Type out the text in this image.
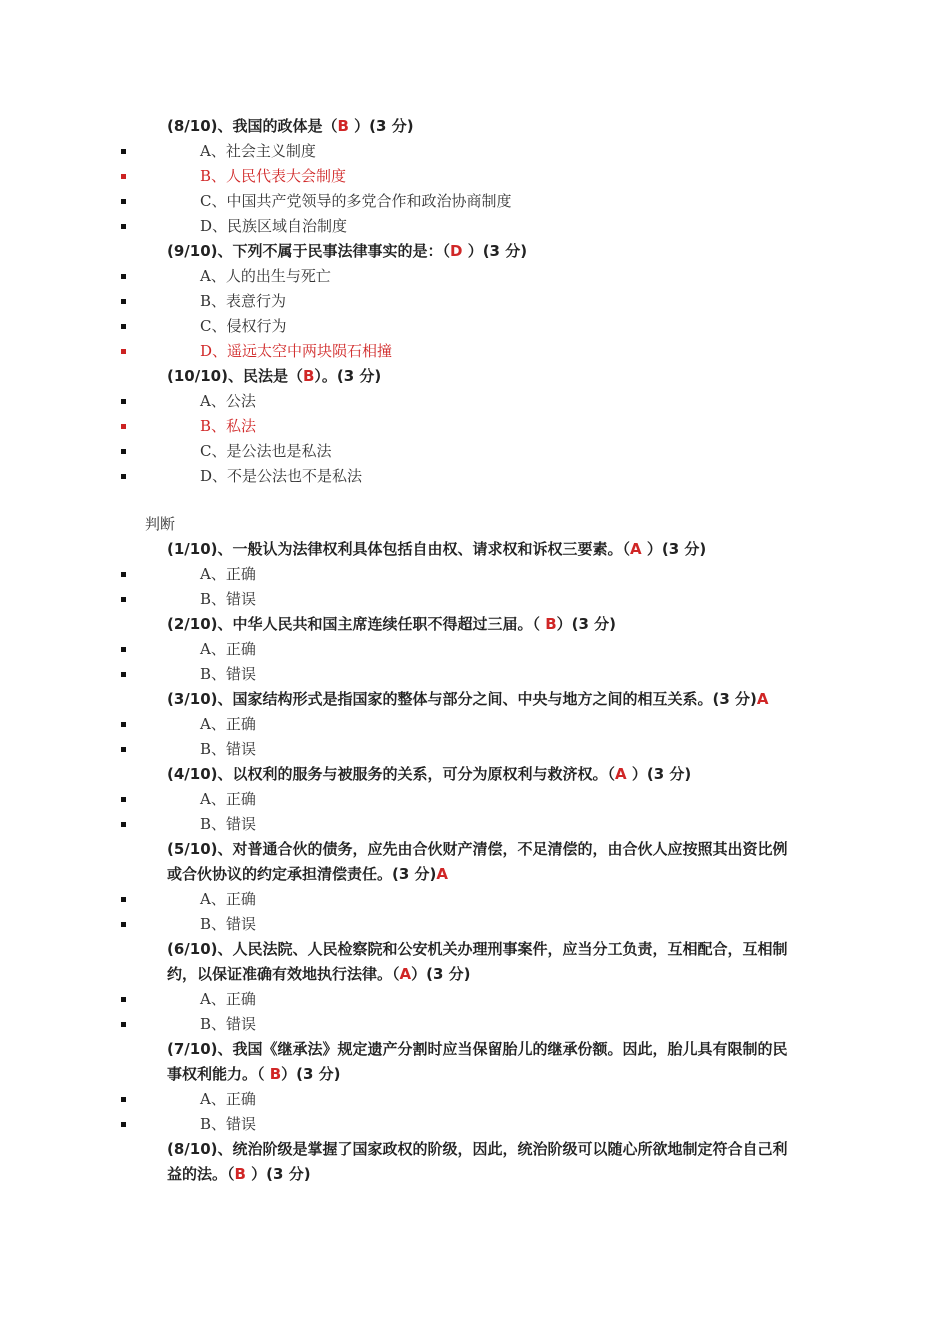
(8/10)、我国的政体是（B ）(3 分)
A、社会主义制度
B、人民代表大会制度
C、中国共产党领导的多党合作和政治协商制度
D、民族区域自治制度
(9/10)、下列不属于民事法律事实的是：（D ）(3 分)
A、人的出生与死亡
B、表意行为
C、侵权行为
D、遥远太空中两块陨石相撞
(10/10)、民法是（B）。(3 分)
A、公法
B、私法
C、是公法也是私法
D、不是公法也不是私法
判断
(1/10)、一般认为法律权利具体包括自由权、请求权和诉权三要素。（A ）(3 分)
A、正确
B、错误
(2/10)、中华人民共和国主席连续任职不得超过三届。（ B）(3 分)
A、正确
B、错误
(3/10)、国家结构形式是指国家的整体与部分之间、中央与地方之间的相互关系。(3 分)A
A、正确
B、错误
(4/10)、以权利的服务与被服务的关系，可分为原权利与救济权。（A ）(3 分)
A、正确
B、错误
(5/10)、对普通合伙的债务，应先由合伙财产清偿，不足清偿的，由合伙人应按照其出资比例或合伙协议的约定承担清偿责任。(3 分)A
A、正确
B、错误
(6/10)、人民法院、人民检察院和公安机关办理刑事案件，应当分工负责，互相配合，互相制约，以保证准确有效地执行法律。（A）(3 分)
A、正确
B、错误
(7/10)、我国《继承法》规定遗产分割时应当保留胎儿的继承份额。因此，胎儿具有限制的民事权利能力。（ B）(3 分)
A、正确
B、错误
(8/10)、统治阶级是掌握了国家政权的阶级，因此，统治阶级可以随心所欲地制定符合自己利益的法。（B ）(3 分)
